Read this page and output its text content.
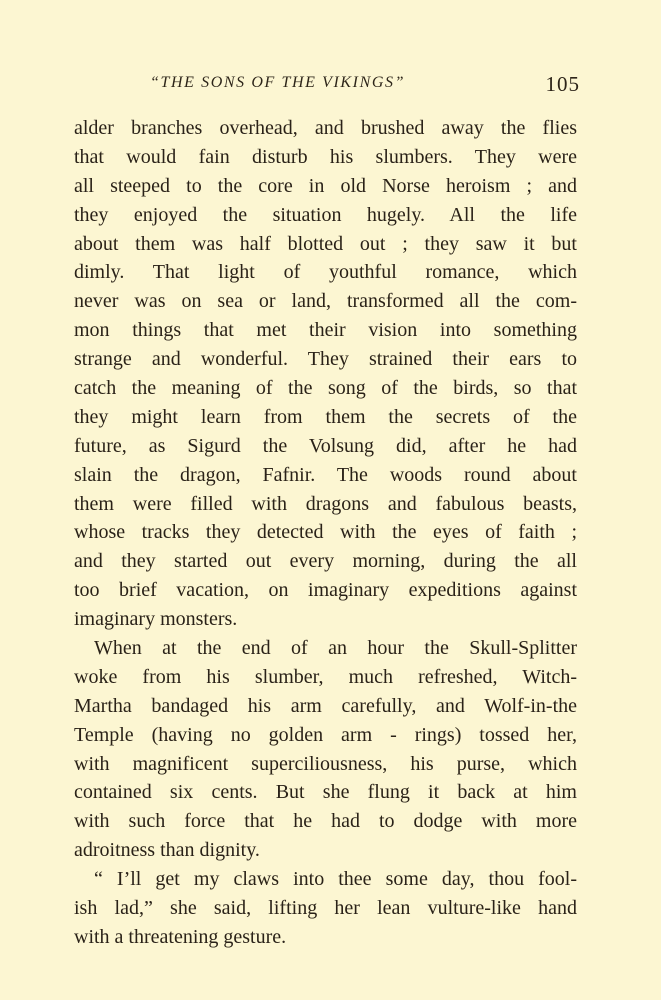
“THE SONS OF THE VIKINGS”	105
alder branches overhead, and brushed away the flies
that would fain disturb his slumbers. They were
all steeped to the core in old Norse heroism ; and
they enjoyed the situation hugely. All the life
about them was half blotted out ; they saw it but
dimly. That light of youthful romance, which
never was on sea or land, transformed all the com-
mon things that met their vision into something
strange and wonderful. They strained their ears to
catch the meaning of the song of the birds, so that
they might learn from them the secrets of the
future, as Sigurd the Volsung did, after he had
slain the dragon, Fafnir. The woods round about
them were filled with dragons and fabulous beasts,
whose tracks they detected with the eyes of faith ;
and they started out every morning, during the all
too brief vacation, on imaginary expeditions against
imaginary monsters.
When at the end of an hour the Skull-Splitter
woke from his slumber, much refreshed, Witch-
Martha bandaged his arm carefully, and Wolf-in-the
Temple (having no golden arm - rings) tossed her,
with magnificent superciliousness, his purse, which
contained six cents. But she flung it back at him
with such force that he had to dodge with more
adroitness than dignity.
“ I’ll get my claws into thee some day, thou fool-
ish lad,” she said, lifting her lean vulture-like hand
with a threatening gesture.
